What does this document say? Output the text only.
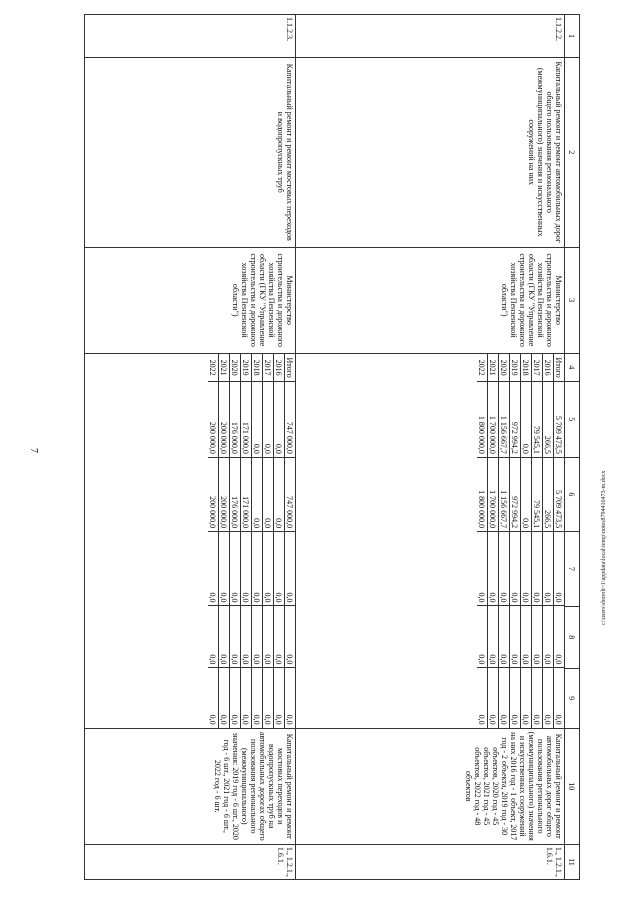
7
1	2	3	4	5	6	7	8	9	10	11
1.1.2.2.	Капитальный ремонт и ремонт автомобильных дорог общего пользования регионального (межмуниципального) значения и искусственных сооружений на них	Министерство строительства и дорожного хозяйства Пензенской области (ГКУ "Управление строительства и дорожного хозяйства Пензенской области")	
Итого	5 709 473,5	5 709 473,5	0,0	0,0	0,0
2016	266,5	266,5	0,0	0,0	0,0
2017	79 545,1	79 545,1	0,0	0,0	0,0
2018	0,0	0,0	0,0	0,0	0,0
2019	972 994,2	972 994,2	0,0	0,0	0,0
2020	1 156 667,7	1 156 667,7	0,0	0,0	0,0
2021	1 700 000,0	1 700 000,0	0,0	0,0	0,0
2022	1 800 000,0	1 800 000,0	0,0	0,0	0,0
	Капитальный ремонт и ремонт автомобильных дорог общего пользования регионального (межмуниципального) значения и искусственных сооружений на них 2016 год - 1 объект, 2017 год - 2 объекта, 2019 год - 30 объектов, 2020 год - 45 объектов, 2021 год - 45 объектов, 2022 год - 48 объектов	1., 1.2.1., 1.6.1.
1.1.2.3.	Капитальный ремонт и ремонт мостовых переходов и водопропускных труб	Министерство строительства и дорожного хозяйства Пензенской области (ГКУ "Управление строительства и дорожного хозяйства Пензенской области")	
Итого	747 000,0	747 000,0	0,0	0,0	0,0
2016	0,0	0,0	0,0	0,0	0,0
2017	0,0	0,0	0,0	0,0	0,0
2018	0,0	0,0	0,0	0,0	0,0
2019	171 000,0	171 000,0	0,0	0,0	0,0
2020	176 000,0	176 000,0	0,0	0,0	0,0
2021	200 000,0	200 000,0	0,0	0,0	0,0
2022	200 000,0	200 000,0	0,0	0,0	0,0
	Капитальный ремонт и ремонт мостовых переходов и водопропускных труб на автомобильных дорогах общего пользования регионального (межмуниципального) значения: 2019 год - 6 шт., 2020 год - 6 шт., 2021 год - 6 шт., 2022 год - 6 шт.	1., 1.2.1., 1.6.1.
c:\users\sboroli~1\appdata\local\temp\notes8794416473-m.docx
